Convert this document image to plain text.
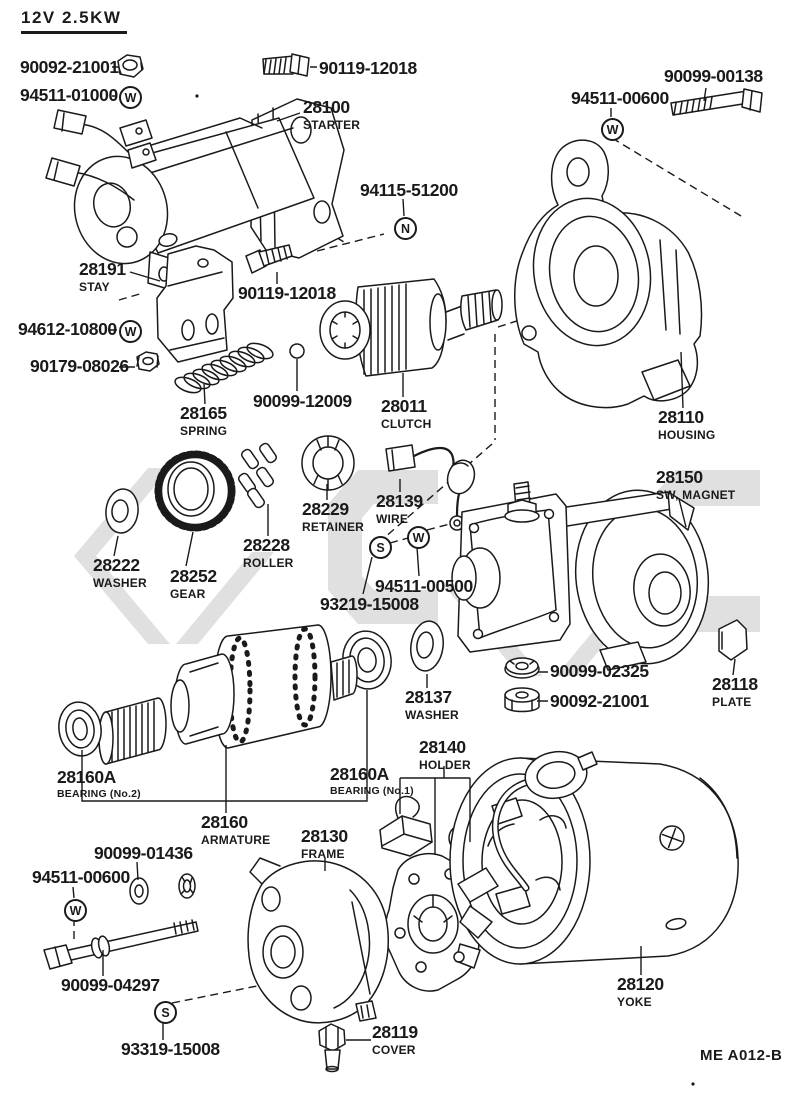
12V 2.5KW
ME A012-B
W
W
N
W
W
S
W
S
90092-21001
94511-01000
90119-12018
28100
STARTER
90099-00138
94511-00600
94115-51200
28191
STAY	90119-12018
94612-10800
90179-08026
28165
SPRING
90099-12009 28011
CLUTCH	28110
HOUSING
28150
SW, MAGNET
28229
RETAINER
28139
WIRE
28228
ROLLER
28222
WASHER 28252
GEAR	94511-00500
93219-15008
90099-02325
90092-21001
28118
PLATE
28137
WASHER
28160A
BEARING (No.2)
28160A
BEARING (No.1)
28160
ARMATURE
28140
HOLDER
28130
FRAME
90099-01436
94511-00600
90099-04297
93319-15008
28119
COVER
28120
YOKE
